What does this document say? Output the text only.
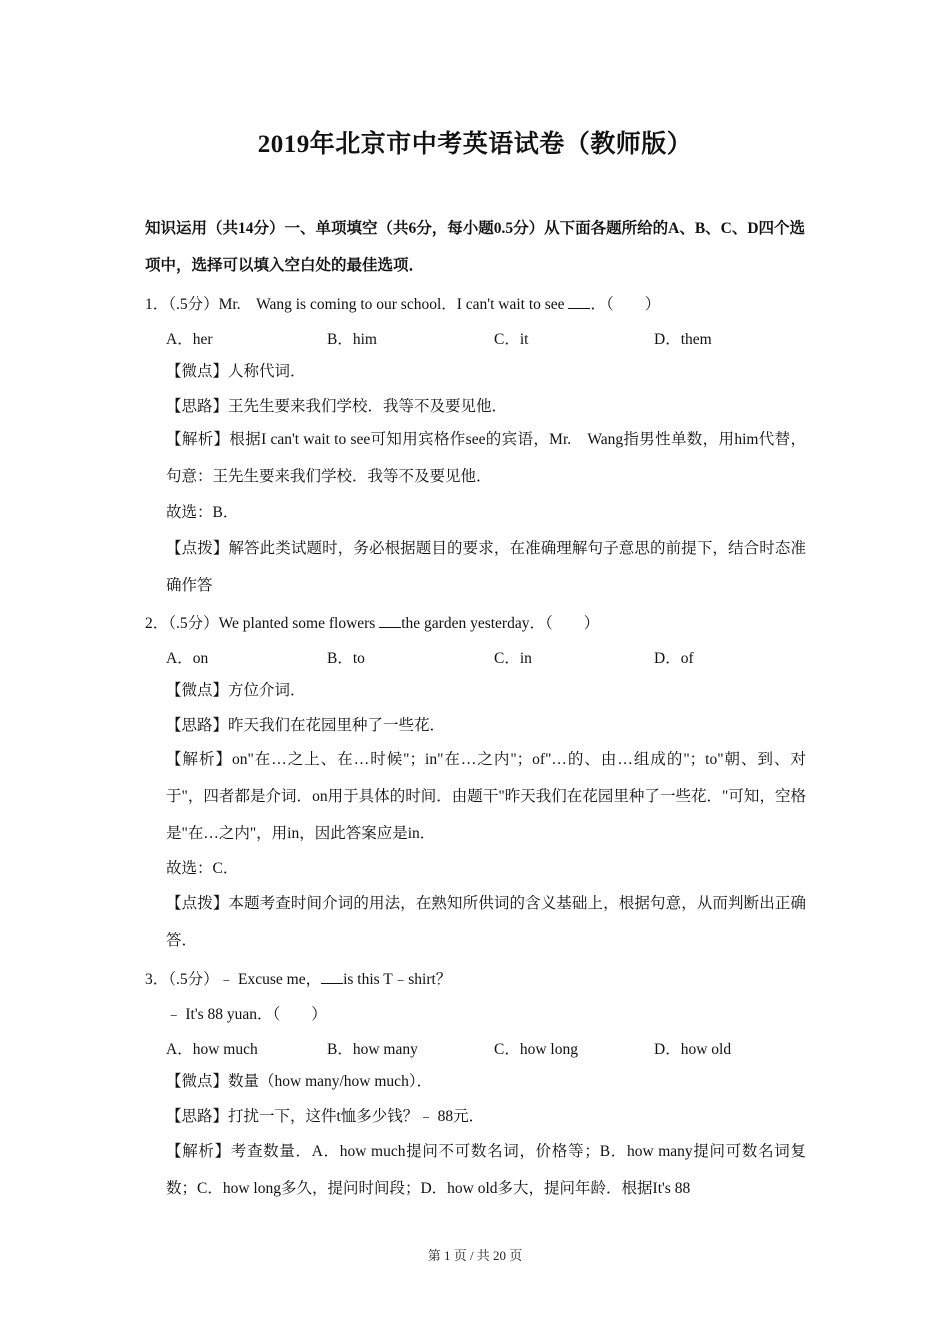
2019年北京市中考英语试卷（教师版）
知识运用（共14分）一、单项填空（共6分，每小题0.5分）从下面各题所给的A、B、C、D四个选项中，选择可以填入空白处的最佳选项．
1．（.5分）Mr.　Wang is coming to our school．I can't wait to see ．（　　）
A．her	B．him	C．it	D．them
【微点】人称代词．
【思路】王先生要来我们学校．我等不及要见他．
【解析】根据I can't wait to see可知用宾格作see的宾语，Mr.　Wang指男性单数，用him代替，句意：王先生要来我们学校．我等不及要见他．
故选：B．
【点拨】解答此类试题时，务必根据题目的要求，在准确理解句子意思的前提下，结合时态准确作答
2．（.5分）We planted some flowers the garden yesterday．（　　）
A．on	B．to	C．in	D．of
【微点】方位介词．
【思路】昨天我们在花园里种了一些花．
【解析】on"在…之上、在…时候"；in"在…之内"；of"…的、由…组成的"；to"朝、到、对于"，四者都是介词．on用于具体的时间．由题干"昨天我们在花园里种了一些花．"可知，空格是"在…之内"，用in，因此答案应是in．
故选：C．
【点拨】本题考查时间介词的用法，在熟知所供词的含义基础上，根据句意，从而判断出正确答．
3．（.5分）﹣ Excuse me， is this T﹣shirt？
﹣ It's 88 yuan．（　　）
A．how much	B．how many	C．how long	D．how old
【微点】数量（how many/how much）．
【思路】打扰一下，这件t恤多少钱？﹣ 88元．
【解析】考查数量．A．how much提问不可数名词，价格等；B．how many提问可数名词复数；C．how long多久，提问时间段；D．how old多大，提问年龄．根据It's 88
第 1 页 / 共 20 页
